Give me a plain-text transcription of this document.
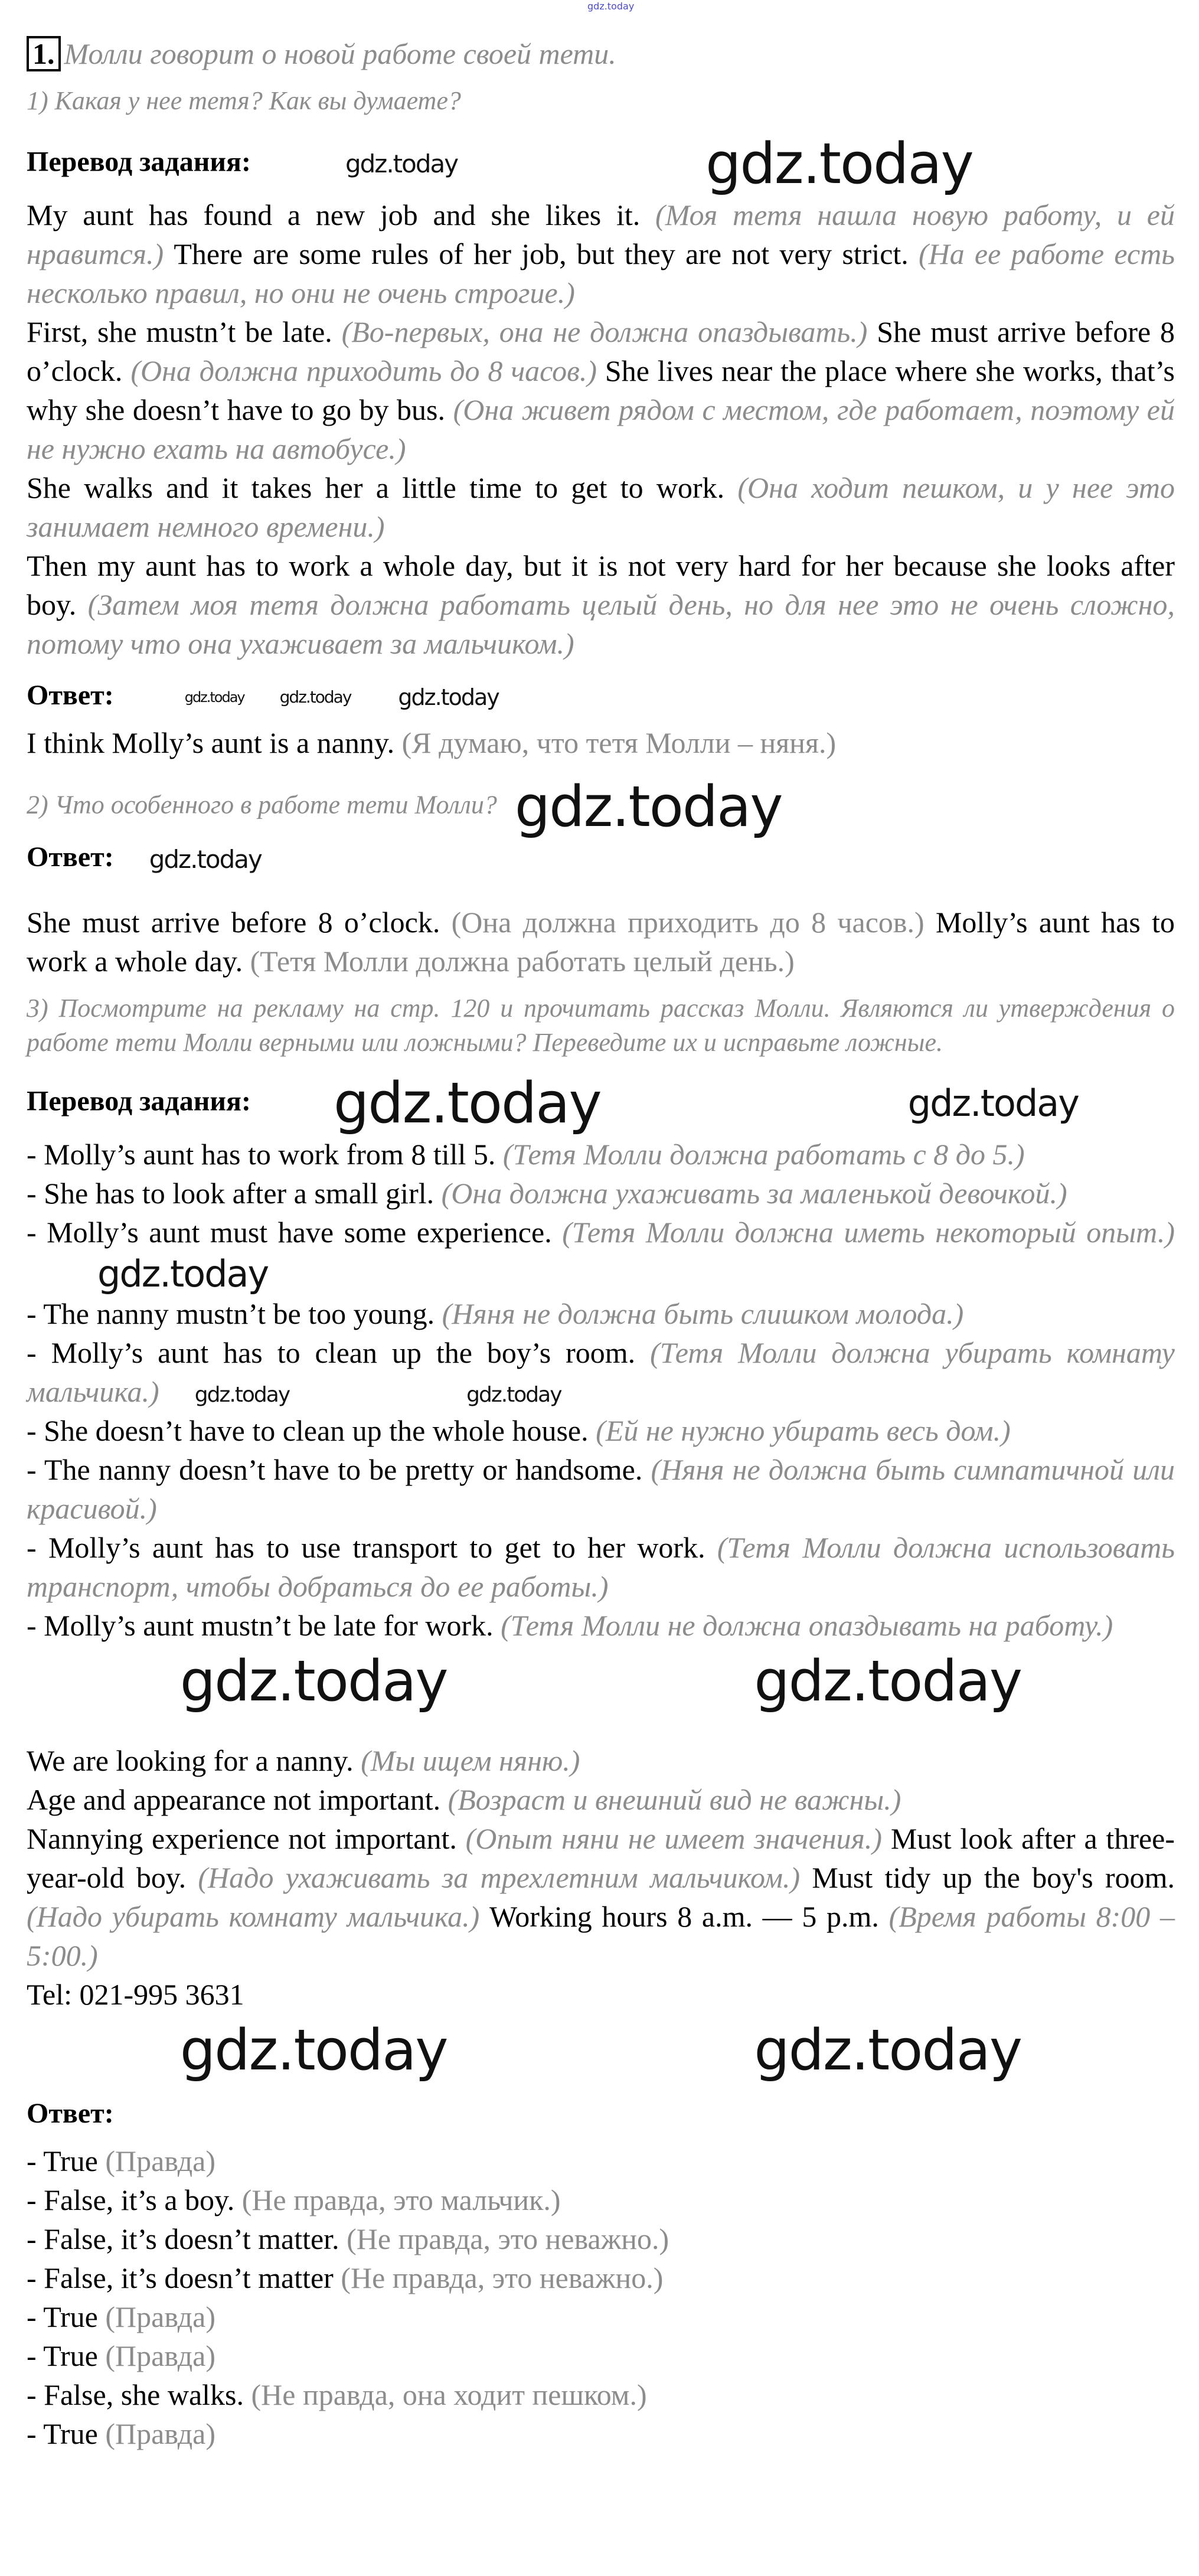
gdz.today
1. Молли говорит о новой работе своей тети.
1) Какая у нее тетя? Как вы думаете?
Перевод задания:	gdz.today	gdz.today
My aunt has found a new job and she likes it. (Моя тетя нашла новую работу, и ей нравится.) There are some rules of her job, but they are not very strict. (На ее работе есть несколько правил, но они не очень строгие.)
First, she mustn’t be late. (Во-первых, она не должна опаздывать.) She must arrive before 8 o’clock. (Она должна приходить до 8 часов.) She lives near the place where she works, that’s why she doesn’t have to go by bus. (Она живет рядом с местом, где работает, поэтому ей не нужно ехать на автобусе.)
She walks and it takes her a little time to get to work. (Она ходит пешком, и у нее это занимает немного времени.)
Then my aunt has to work a whole day, but it is not very hard for her because she looks after boy. (Затем моя тетя должна работать целый день, но для нее это не очень сложно, потому что она ухаживает за мальчиком.)
Ответ:	gdz.today gdz.today gdz.today
I think Molly’s aunt is a nanny. (Я думаю, что тетя Молли – няня.)
2) Что особенного в работе тети Молли? gdz.today
Ответ: gdz.today
She must arrive before 8 o’clock. (Она должна приходить до 8 часов.) Molly’s aunt has to work a whole day. (Тетя Молли должна работать целый день.)
3) Посмотрите на рекламу на стр. 120 и прочитать рассказ Молли. Являются ли утверждения о работе тети Молли верными или ложными? Переведите их и исправьте ложные.
Перевод задания: gdz.today	gdz.today
- Molly’s aunt has to work from 8 till 5. (Тетя Молли должна работать с 8 до 5.)
- She has to look after a small girl. (Она должна ухаживать за маленькой девочкой.)
- Molly’s aunt must have some experience. (Тетя Молли должна иметь некоторый опыт.)gdz.today
- The nanny mustn’t be too young. (Няня не должна быть слишком молода.)
- Molly’s aunt has to clean up the boy’s room. (Тетя Молли должна убирать комнату мальчика.) gdz.today	gdz.today
- She doesn’t have to clean up the whole house. (Ей не нужно убирать весь дом.)
- The nanny doesn’t have to be pretty or handsome. (Няня не должна быть симпатичной или красивой.)
- Molly’s aunt has to use transport to get to her work. (Тетя Молли должна использовать транспорт, чтобы добраться до ее работы.)
- Molly’s aunt mustn’t be late for work. (Тетя Молли не должна опаздывать на работу.)
gdz.today	gdz.today
We are looking for a nanny. (Мы ищем няню.)
Age and appearance not important. (Возраст и внешний вид не важны.)
Nannying experience not important. (Опыт няни не имеет значения.) Must look after a three-year-old boy. (Надо ухаживать за трехлетним мальчиком.) Must tidy up the boy's room. (Надо убирать комнату мальчика.) Working hours 8 a.m. — 5 p.m. (Время работы 8:00 – 5:00.)
Tel: 021-995 3631
gdz.today	gdz.today
Ответ:
- True (Правда)
- False, it’s a boy. (Не правда, это мальчик.)
- False, it’s doesn’t matter. (Не правда, это неважно.)
- False, it’s doesn’t matter (Не правда, это неважно.)
- True (Правда)
- True (Правда)
- False, she walks. (Не правда, она ходит пешком.)
- True (Правда)
